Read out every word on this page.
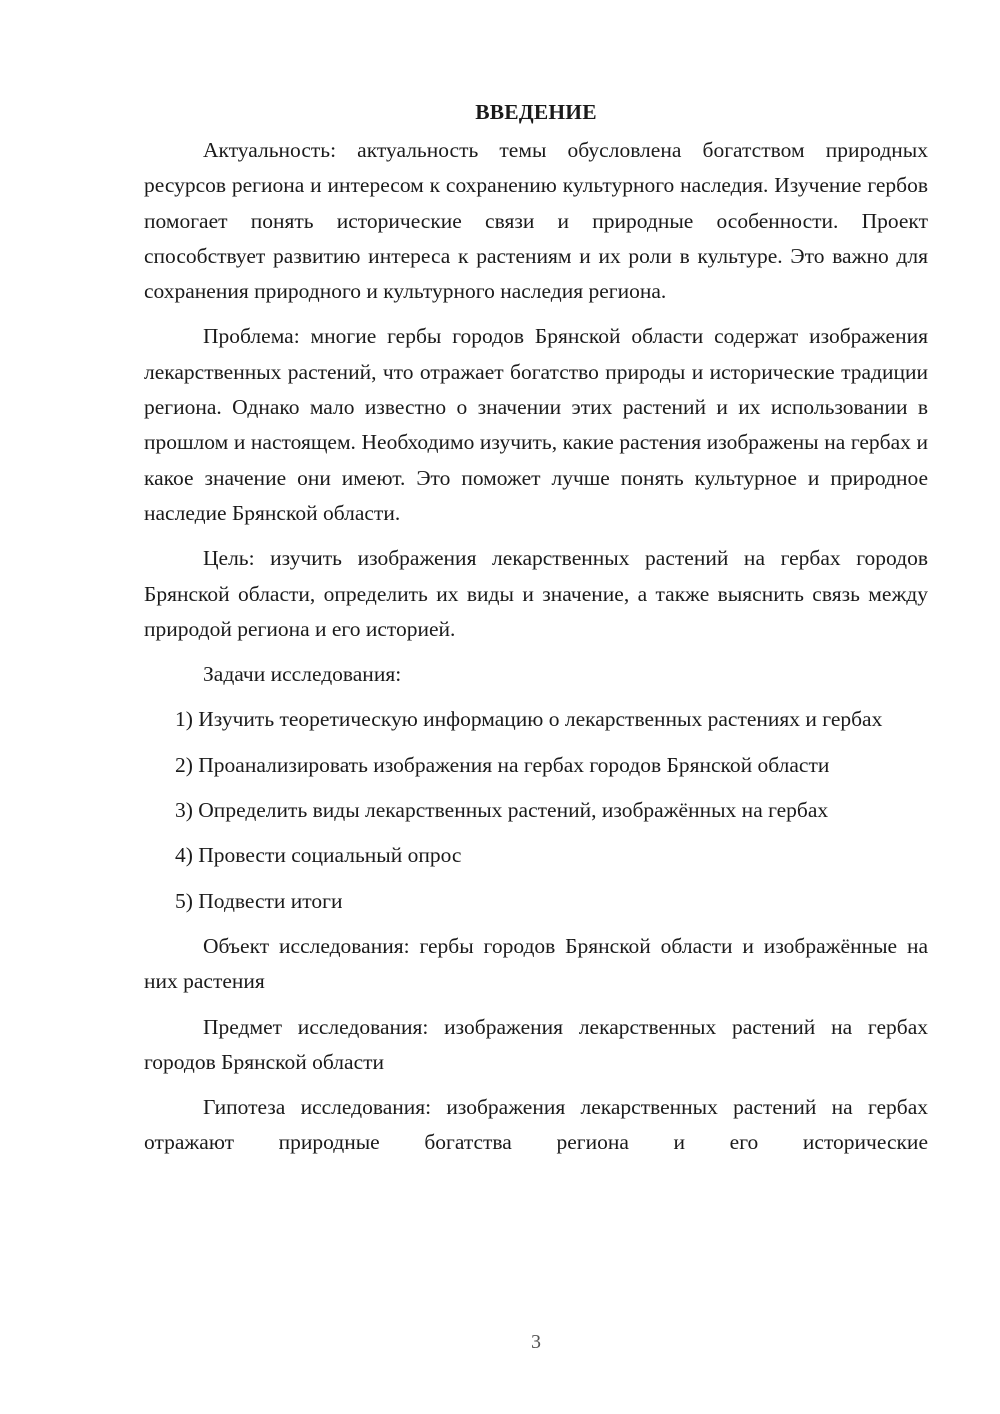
ВВЕДЕНИЕ

Актуальность: актуальность темы обусловлена богатством природных ресурсов региона и интересом к сохранению культурного наследия. Изучение гербов помогает понять исторические связи и природные особенности. Проект способствует развитию интереса к растениям и их роли в культуре. Это важно для сохранения природного и культурного наследия региона.

Проблема: многие гербы городов Брянской области содержат изображения лекарственных растений, что отражает богатство природы и исторические традиции региона. Однако мало известно о значении этих растений и их использовании в прошлом и настоящем. Необходимо изучить, какие растения изображены на гербах и какое значение они имеют. Это поможет лучше понять культурное и природное наследие Брянской области.

Цель: изучить изображения лекарственных растений на гербах городов Брянской области, определить их виды и значение, а также выяснить связь между природой региона и его историей.

Задачи исследования:

1) Изучить теоретическую информацию о лекарственных растениях и гербах

2) Проанализировать изображения на гербах городов Брянской области

3) Определить виды лекарственных растений, изображённых на гербах

4) Провести социальный опрос

5) Подвести итоги

Объект исследования: гербы городов Брянской области и изображённые на них растения

Предмет исследования: изображения лекарственных растений на гербах городов Брянской области

Гипотеза исследования: изображения лекарственных растений на гербах отражают природные богатства региона и его исторические

3
